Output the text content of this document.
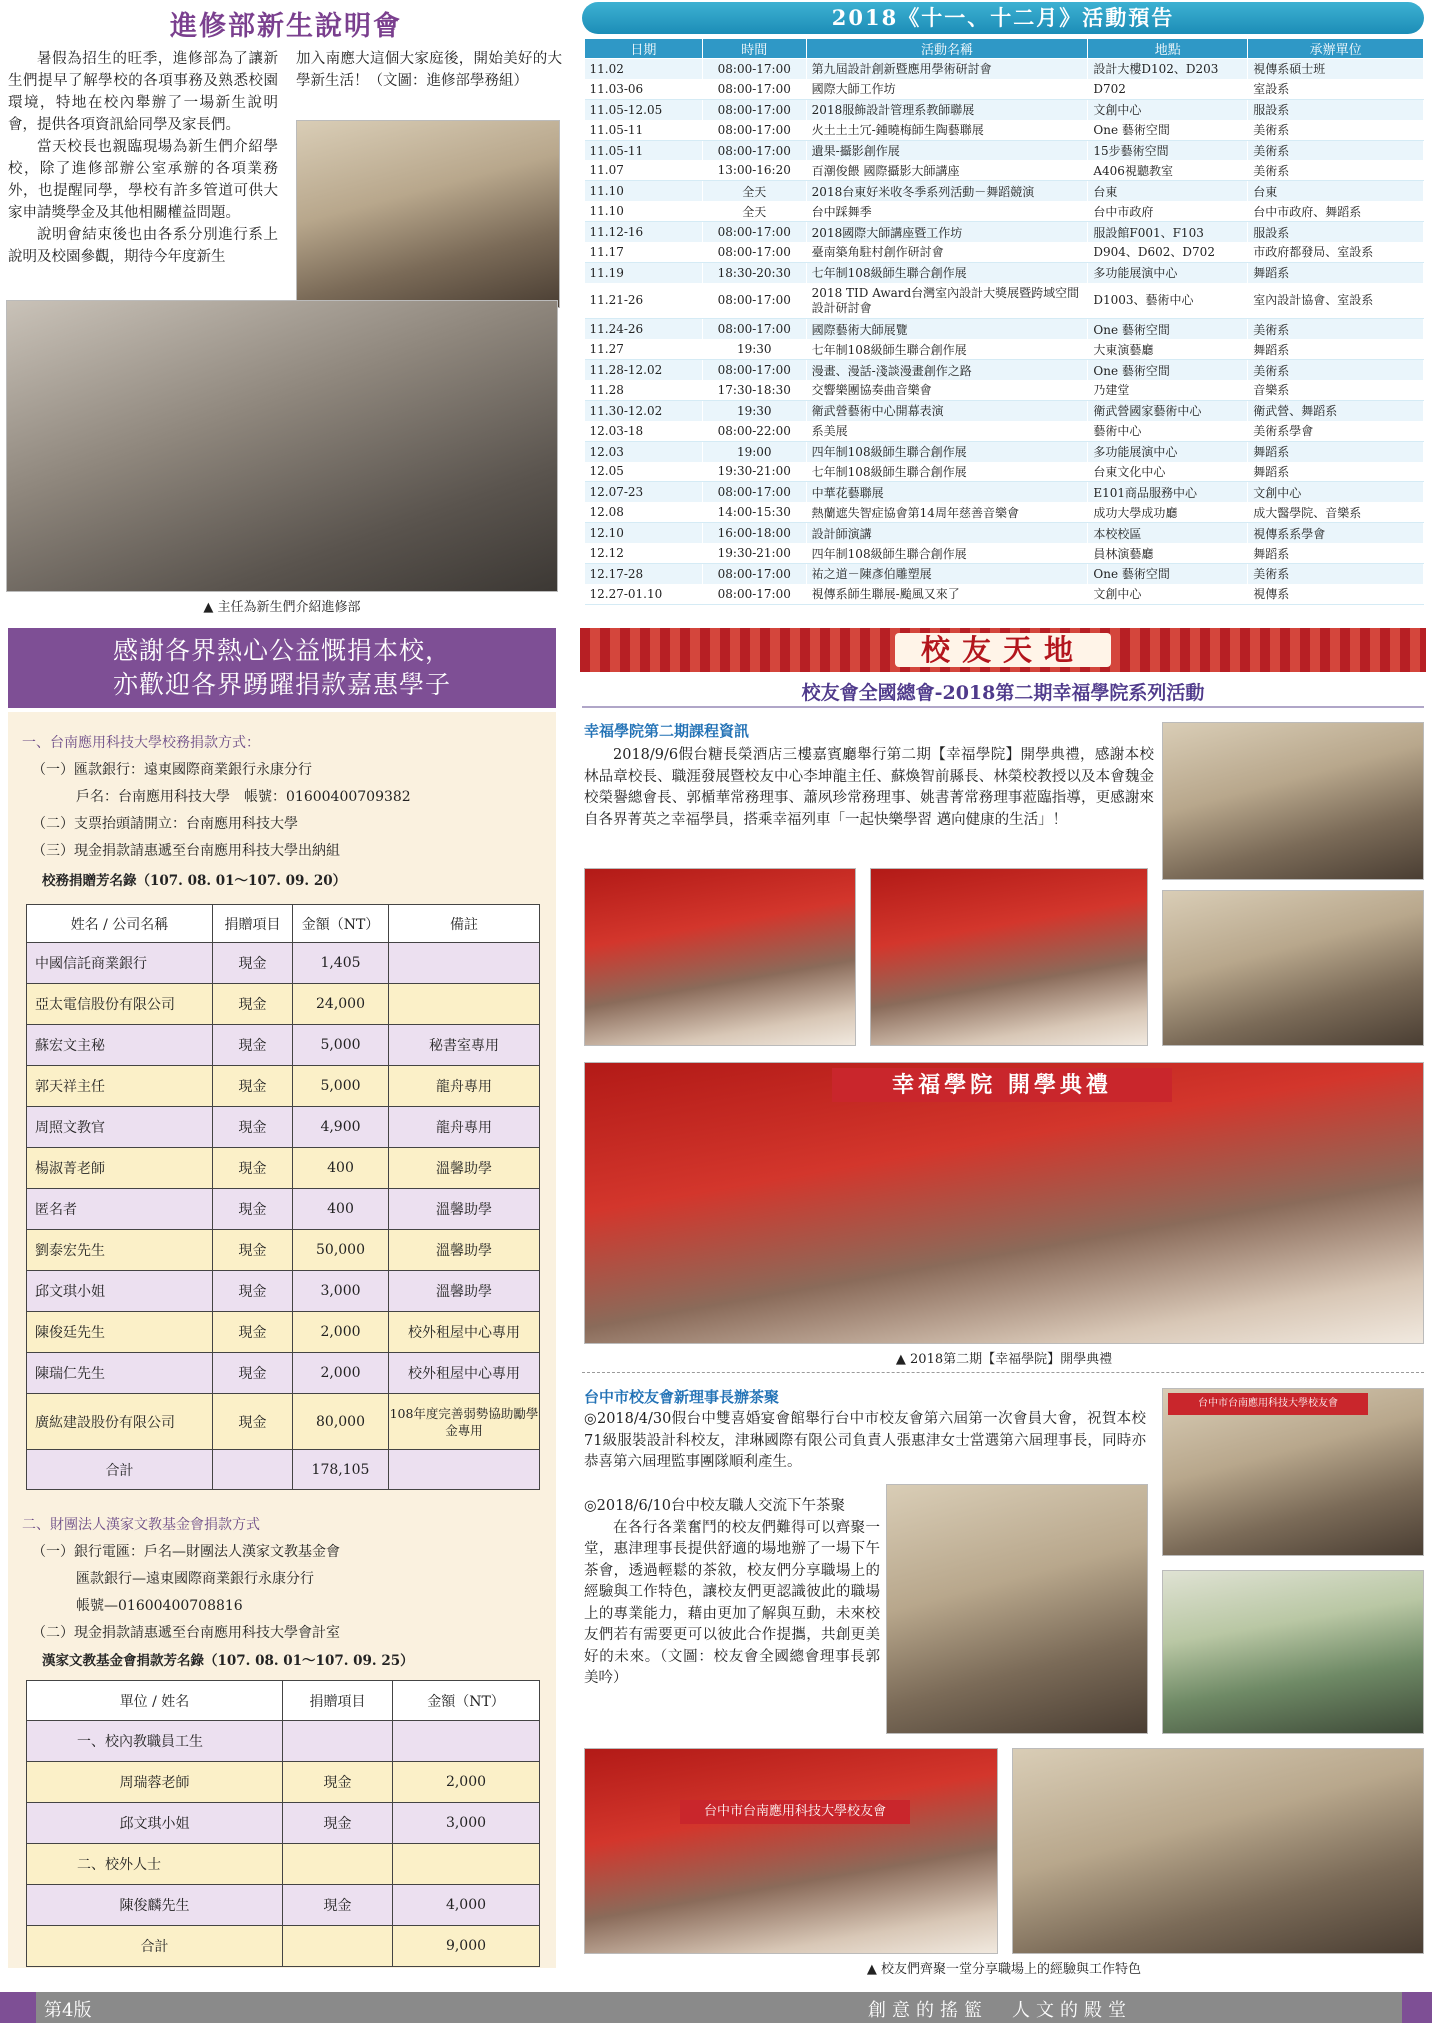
進修部新生說明會

暑假為招生的旺季，進修部為了讓新生們提早了解學校的各項事務及熟悉校園環境，特地在校內舉辦了一場新生說明會，提供各項資訊給同學及家長們。

當天校長也親臨現場為新生們介紹學校，除了進修部辦公室承辦的各項業務外，也提醒同學，學校有許多管道可供大家申請獎學金及其他相關權益問題。

說明會結束後也由各系分別進行系上說明及校園參觀，期待今年度新生

加入南應大這個大家庭後，開始美好的大學新生活！（文圖：進修部學務組）
▲ 主任為新生們介紹進修部
2018《十一、十二月》活動預告
日期	時間	活動名稱	地點	承辦單位
11.02	08:00-17:00	第九屆設計創新暨應用學術研討會	設計大樓D102、D203	視傳系碩士班
11.03-06	08:00-17:00	國際大師工作坊	D702	室設系
11.05-12.05	08:00-17:00	2018服飾設計管理系教師聯展	文創中心	服設系
11.05-11	08:00-17:00	火土土土冗-鍾曉梅師生陶藝聯展	One 藝術空間	美術系
11.05-11	08:00-17:00	遺果-攝影創作展	15步藝術空間	美術系
11.07	13:00-16:20	百潮俊餵 國際攝影大師講座	A406視聽教室	美術系
11.10	全天	2018台東好米收冬季系列活動－舞蹈競演	台東	台東
11.10	全天	台中踩舞季	台中市政府	台中市政府、舞蹈系
11.12-16	08:00-17:00	2018國際大師講座暨工作坊	服設館F001、F103	服設系
11.17	08:00-17:00	臺南築角駐村創作研討會	D904、D602、D702	市政府都發局、室設系
11.19	18:30-20:30	七年制108級師生聯合創作展	多功能展演中心	舞蹈系
11.21-26	08:00-17:00	2018 TID Award台灣室內設計大獎展暨跨域空間設計研討會	D1003、藝術中心	室內設計協會、室設系
11.24-26	08:00-17:00	國際藝術大師展覽	One 藝術空間	美術系
11.27	19:30	七年制108級師生聯合創作展	大東演藝廳	舞蹈系
11.28-12.02	08:00-17:00	漫畫、漫話-淺談漫畫創作之路	One 藝術空間	美術系
11.28	17:30-18:30	交響樂團協奏曲音樂會	乃建堂	音樂系
11.30-12.02	19:30	衛武營藝術中心開幕表演	衛武營國家藝術中心	衛武營、舞蹈系
12.03-18	08:00-22:00	系美展	藝術中心	美術系學會
12.03	19:00	四年制108級師生聯合創作展	多功能展演中心	舞蹈系
12.05	19:30-21:00	七年制108級師生聯合創作展	台東文化中心	舞蹈系
12.07-23	08:00-17:00	中華花藝聯展	E101商品服務中心	文創中心
12.08	14:00-15:30	熱蘭遮失智症協會第14周年慈善音樂會	成功大學成功廳	成大醫學院、音樂系
12.10	16:00-18:00	設計師演講	本校校區	視傳系系學會
12.12	19:30-21:00	四年制108級師生聯合創作展	員林演藝廳	舞蹈系
12.17-28	08:00-17:00	祐之道－陳彥伯雕塑展	One 藝術空間	美術系
12.27-01.10	08:00-17:00	視傳系師生聯展-颱風又來了	文創中心	視傳系
感謝各界熱心公益慨捐本校，
亦歡迎各界踴躍捐款嘉惠學子
一、台南應用科技大學校務捐款方式：
（一）匯款銀行：遠東國際商業銀行永康分行
戶名：台南應用科技大學　帳號：01600400709382
（二）支票抬頭請開立：台南應用科技大學
（三）現金捐款請惠遞至台南應用科技大學出納組
校務捐贈芳名錄（107. 08. 01～107. 09. 20）
姓名 / 公司名稱	捐贈項目	金額（NT）	備註
中國信託商業銀行	現金	1,405	
亞太電信股份有限公司	現金	24,000	
蘇宏文主秘	現金	5,000	秘書室專用
郭天祥主任	現金	5,000	龍舟專用
周照文教官	現金	4,900	龍舟專用
楊淑菁老師	現金	400	溫馨助學
匿名者	現金	400	溫馨助學
劉泰宏先生	現金	50,000	溫馨助學
邱文琪小姐	現金	3,000	溫馨助學
陳俊廷先生	現金	2,000	校外租屋中心專用
陳瑞仁先生	現金	2,000	校外租屋中心專用
廣紘建設股份有限公司	現金	80,000	108年度完善弱勢協助勵學金專用
合計		178,105	
二、財團法人漢家文教基金會捐款方式
（一）銀行電匯：戶名—財團法人漢家文教基金會
匯款銀行—遠東國際商業銀行永康分行
帳號—01600400708816
（二）現金捐款請惠遞至台南應用科技大學會計室
漢家文教基金會捐款芳名錄（107. 08. 01～107. 09. 25）
單位 / 姓名	捐贈項目	金額（NT）
一、校內教職員工生		
周瑞蓉老師	現金	2,000
邱文琪小姐	現金	3,000
二、校外人士		
陳俊麟先生	現金	4,000
合計		9,000
校友天地
校友會全國總會-2018第二期幸福學院系列活動
幸福學院第二期課程資訊

2018/9/6假台糖長榮酒店三樓嘉賓廳舉行第二期【幸福學院】開學典禮，感謝本校林品章校長、職涯發展暨校友中心李坤龍主任、蘇煥智前縣長、林榮校教授以及本會魏金校榮譽總會長、郭楯華常務理事、蕭夙珍常務理事、姚書菁常務理事蒞臨指導，更感謝來自各界菁英之幸福學員，搭乘幸福列車「一起快樂學習 邁向健康的生活」！

幸福學院 開學典禮
▲ 2018第二期【幸福學院】開學典禮
台中市校友會新理事長辦茶聚
◎2018/4/30假台中雙喜婚宴會館舉行台中市校友會第六屆第一次會員大會，祝賀本校71級服裝設計科校友，津琳國際有限公司負責人張惠津女士當選第六屆理事長，同時亦恭喜第六屆理監事團隊順利產生。
台中市台南應用科技大學校友會
◎2018/6/10台中校友職人交流下午茶聚

在各行各業奮鬥的校友們難得可以齊聚一堂，惠津理事長提供舒適的場地辦了一場下午茶會，透過輕鬆的茶敘，校友們分享職場上的經驗與工作特色，讓校友們更認識彼此的職場上的專業能力，藉由更加了解與互動，未來校友們若有需要更可以彼此合作提攜，共創更美好的未來。（文圖：校友會全國總會理事長郭美吟）

台中市台南應用科技大學校友會
▲ 校友們齊聚一堂分享職場上的經驗與工作特色
第4版	創意的搖籃　人文的殿堂
